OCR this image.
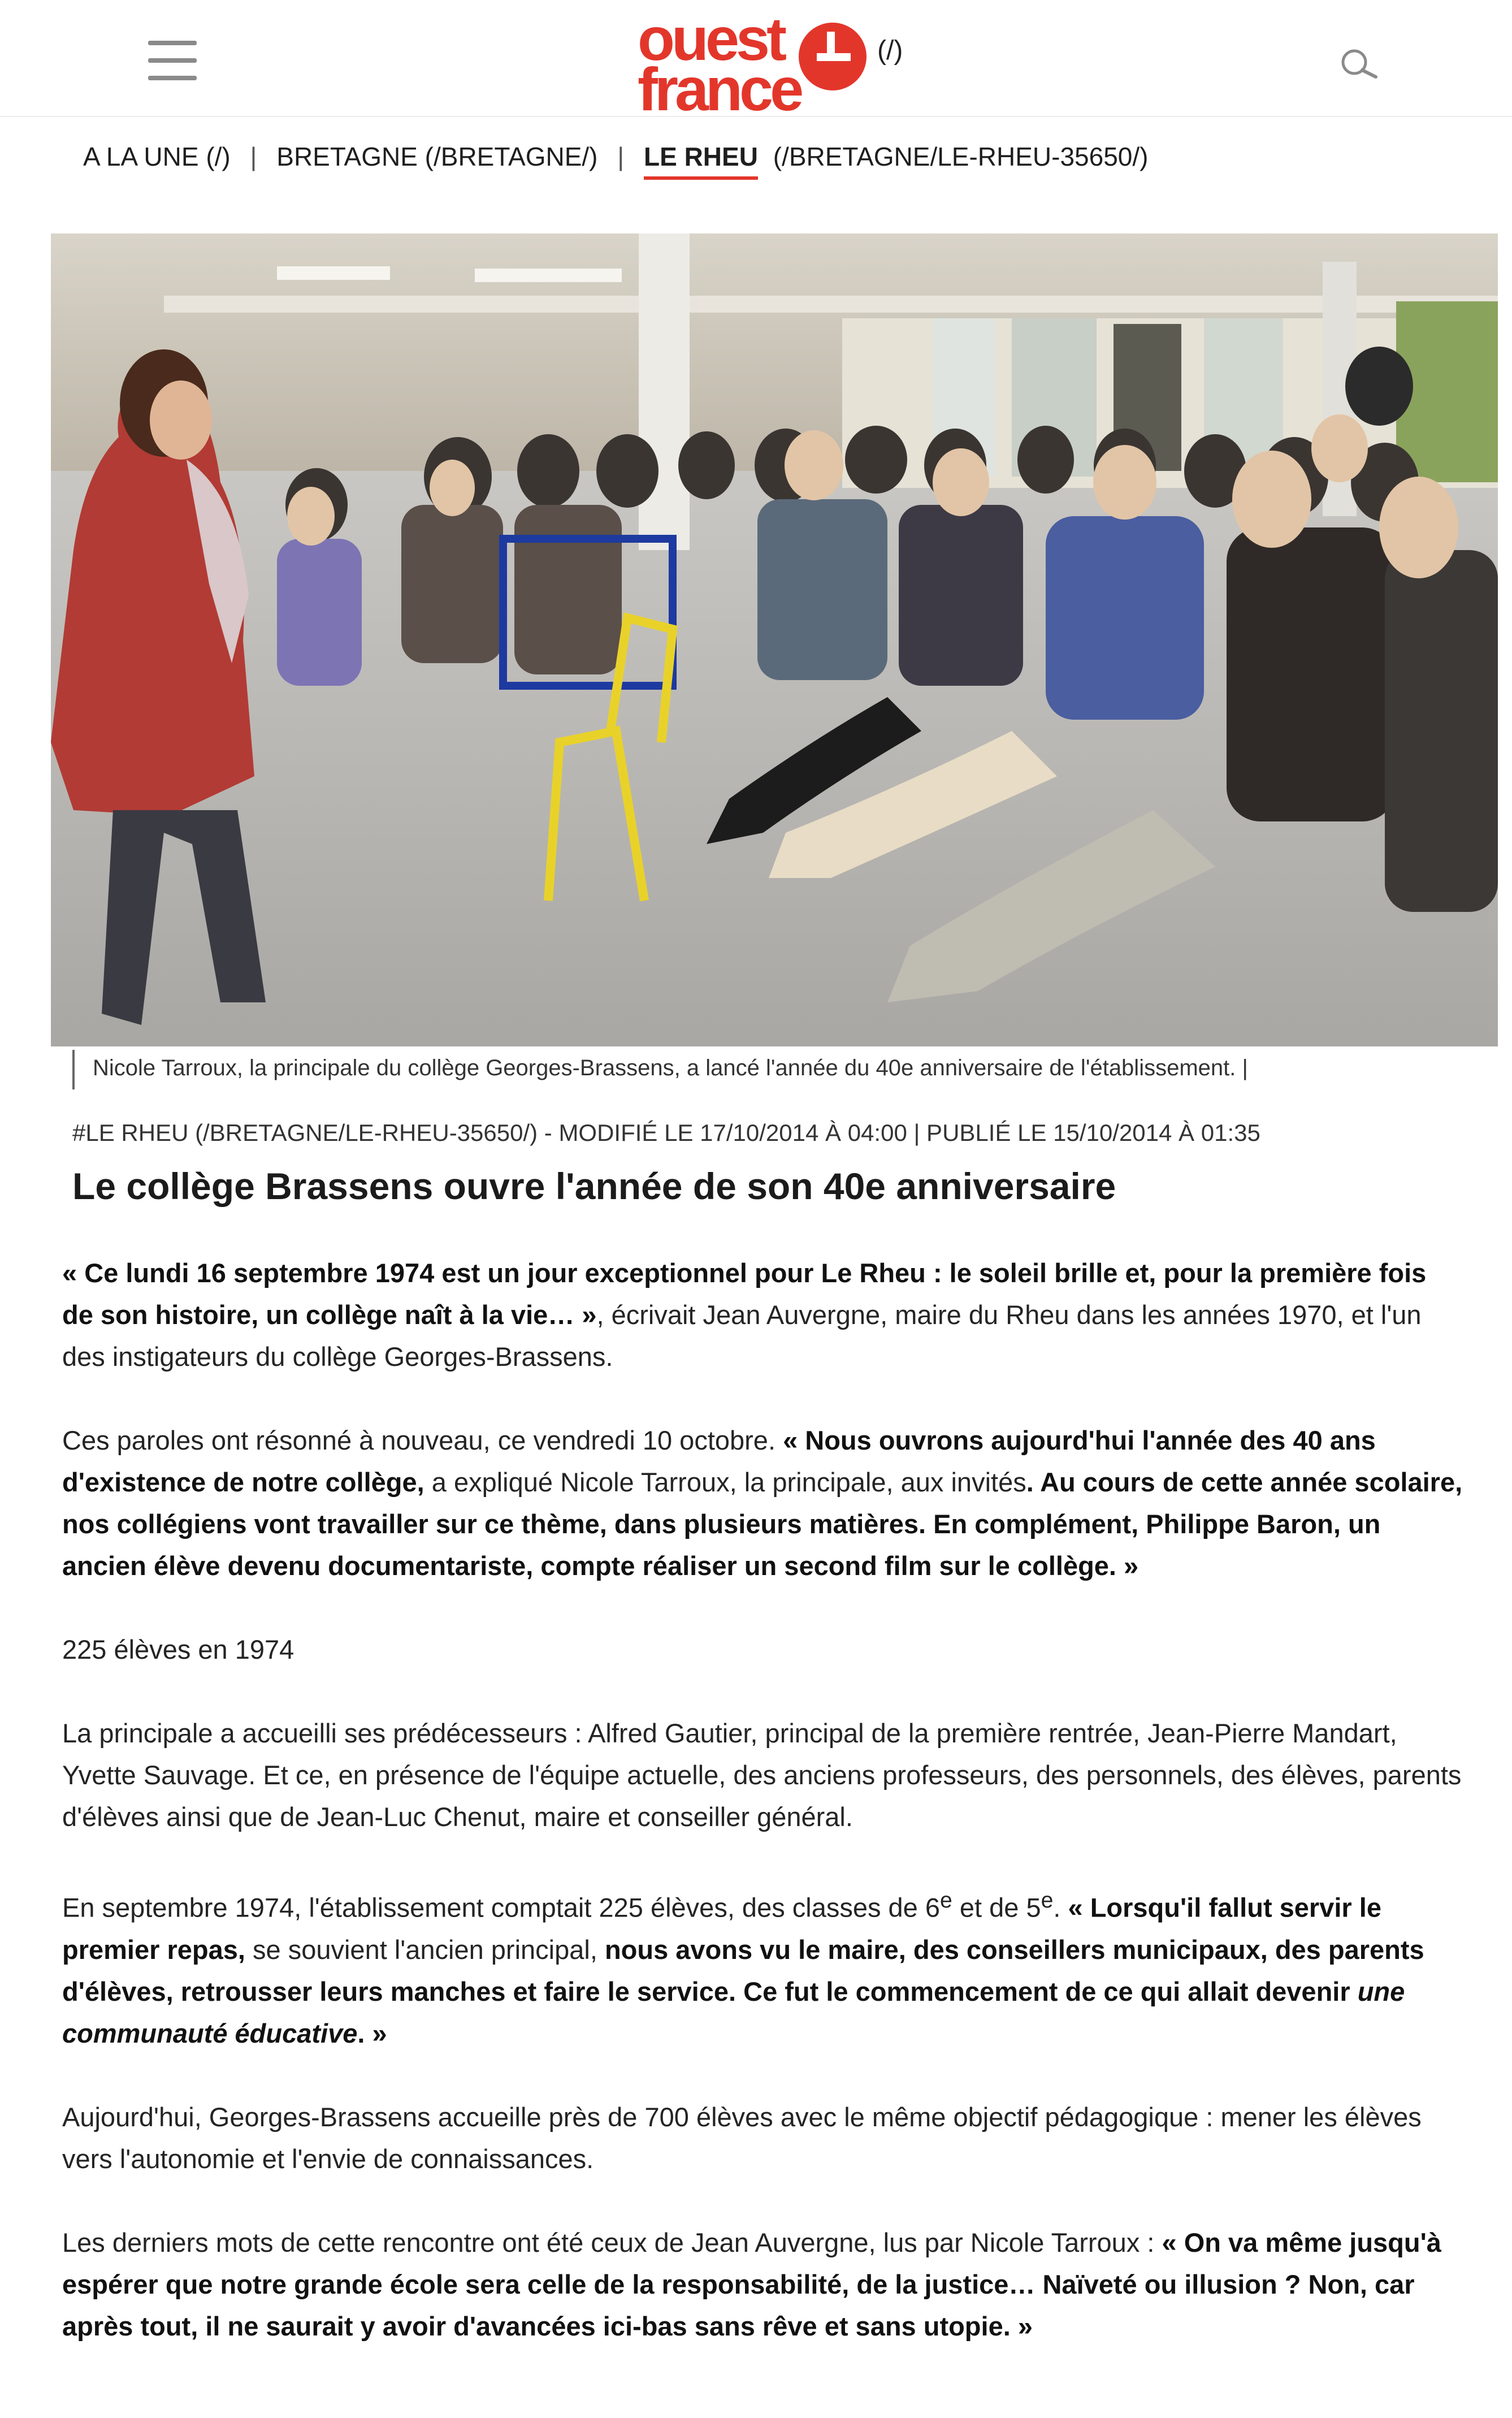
ouest
france
(/)
A LA UNE (/) | BRETAGNE (/BRETAGNE/) | LE RHEU (/BRETAGNE/LE-RHEU-35650/)
Nicole Tarroux, la principale du collège Georges-Brassens, a lancé l'année du 40e anniversaire de l'établissement. |
#LE RHEU (/BRETAGNE/LE-RHEU-35650/) - MODIFIÉ LE 17/10/2014 À 04:00 | PUBLIÉ LE 15/10/2014 À 01:35
Le collège Brassens ouvre l'année de son 40e anniversaire

« Ce lundi 16 septembre 1974 est un jour exceptionnel pour Le Rheu : le soleil brille et, pour la première fois de son histoire, un collège naît à la vie… », écrivait Jean Auvergne, maire du Rheu dans les années 1970, et l'un des instigateurs du collège Georges-Brassens.

Ces paroles ont résonné à nouveau, ce vendredi 10 octobre. « Nous ouvrons aujourd'hui l'année des 40 ans d'existence de notre collège, a expliqué Nicole Tarroux, la principale, aux invités. Au cours de cette année scolaire, nos collégiens vont travailler sur ce thème, dans plusieurs matières. En complément, Philippe Baron, un ancien élève devenu documentariste, compte réaliser un second film sur le collège. »

225 élèves en 1974

La principale a accueilli ses prédécesseurs : Alfred Gautier, principal de la première rentrée, Jean-Pierre Mandart, Yvette Sauvage. Et ce, en présence de l'équipe actuelle, des anciens professeurs, des personnels, des élèves, parents d'élèves ainsi que de Jean-Luc Chenut, maire et conseiller général.

En septembre 1974, l'établissement comptait 225 élèves, des classes de 6e et de 5e. « Lorsqu'il fallut servir le premier repas, se souvient l'ancien principal, nous avons vu le maire, des conseillers municipaux, des parents d'élèves, retrousser leurs manches et faire le service. Ce fut le commencement de ce qui allait devenir une communauté éducative. »

Aujourd'hui, Georges-Brassens accueille près de 700 élèves avec le même objectif pédagogique : mener les élèves vers l'autonomie et l'envie de connaissances.

Les derniers mots de cette rencontre ont été ceux de Jean Auvergne, lus par Nicole Tarroux : « On va même jusqu'à espérer que notre grande école sera celle de la responsabilité, de la justice… Naïveté ou illusion ? Non, car après tout, il ne saurait y avoir d'avancées ici-bas sans rêve et sans utopie. »
